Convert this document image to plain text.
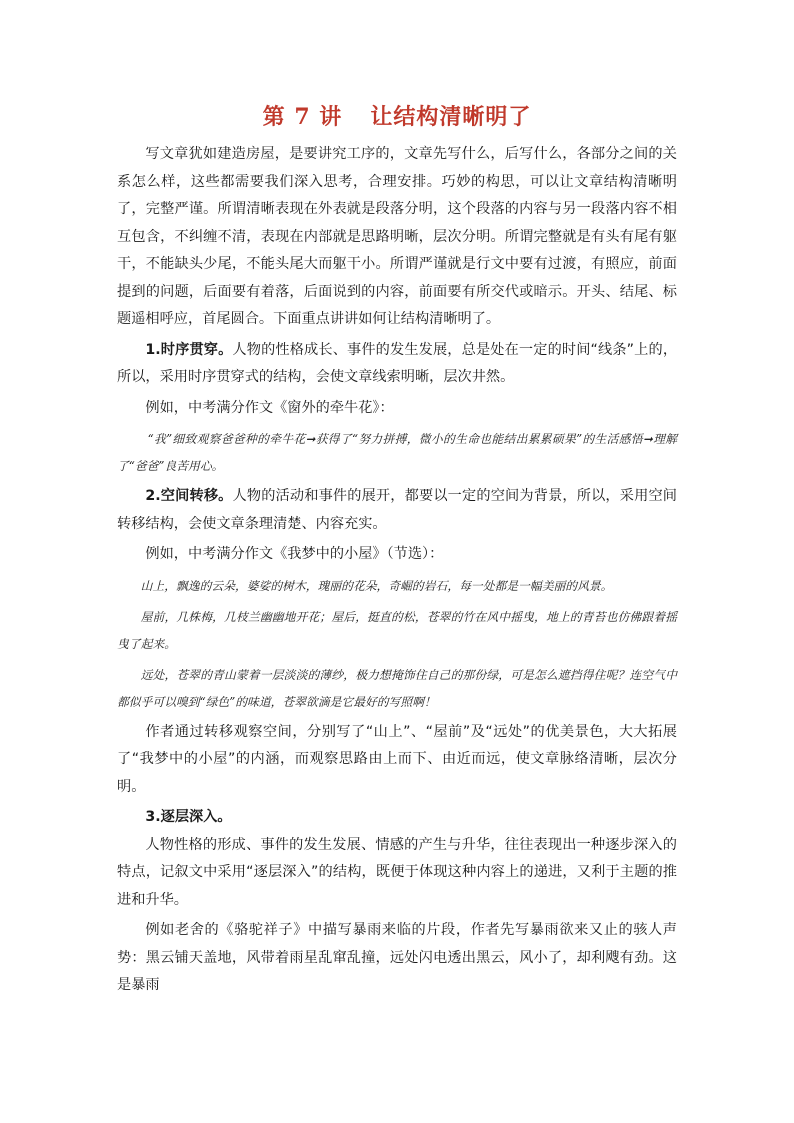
第 7 讲 让结构清晰明了

写文章犹如建造房屋，是要讲究工序的，文章先写什么，后写什么，各部分之间的关系怎么样，这些都需要我们深入思考，合理安排。巧妙的构思，可以让文章结构清晰明了，完整严谨。所谓清晰表现在外表就是段落分明，这个段落的内容与另一段落内容不相互包含，不纠缠不清，表现在内部就是思路明晰，层次分明。所谓完整就是有头有尾有躯干，不能缺头少尾，不能头尾大而躯干小。所谓严谨就是行文中要有过渡，有照应，前面提到的问题，后面要有着落，后面说到的内容，前面要有所交代或暗示。开头、结尾、标题遥相呼应，首尾圆合。下面重点讲讲如何让结构清晰明了。

1.时序贯穿。人物的性格成长、事件的发生发展，总是处在一定的时间“线条”上的，所以，采用时序贯穿式的结构，会使文章线索明晰，层次井然。

例如，中考满分作文《窗外的牵牛花》：

“我”细致观察爸爸种的牵牛花➞获得了“努力拼搏，微小的生命也能结出累累硕果”的生活感悟➞理解了“爸爸”良苦用心。

2.空间转移。人物的活动和事件的展开，都要以一定的空间为背景，所以，采用空间转移结构，会使文章条理清楚、内容充实。

例如，中考满分作文《我梦中的小屋》（节选）：

山上，飘逸的云朵，婆娑的树木，瑰丽的花朵，奇崛的岩石，每一处都是一幅美丽的风景。

屋前，几株梅，几枝兰幽幽地开花；屋后，挺直的松，苍翠的竹在风中摇曳，地上的青苔也仿佛跟着摇曳了起来。

远处，苍翠的青山蒙着一层淡淡的薄纱，极力想掩饰住自己的那份绿，可是怎么遮挡得住呢？连空气中都似乎可以嗅到“绿色”的味道，苍翠欲滴是它最好的写照啊！

作者通过转移观察空间，分别写了“山上”、“屋前”及“远处”的优美景色，大大拓展了“我梦中的小屋”的内涵，而观察思路由上而下、由近而远，使文章脉络清晰，层次分明。

3.逐层深入。

人物性格的形成、事件的发生发展、情感的产生与升华，往往表现出一种逐步深入的特点，记叙文中采用“逐层深入”的结构，既便于体现这种内容上的递进，又利于主题的推进和升华。

例如老舍的《骆驼祥子》中描写暴雨来临的片段，作者先写暴雨欲来又止的骇人声势：黑云铺天盖地，风带着雨星乱窜乱撞，远处闪电透出黑云，风小了，却利飕有劲。这是暴雨
